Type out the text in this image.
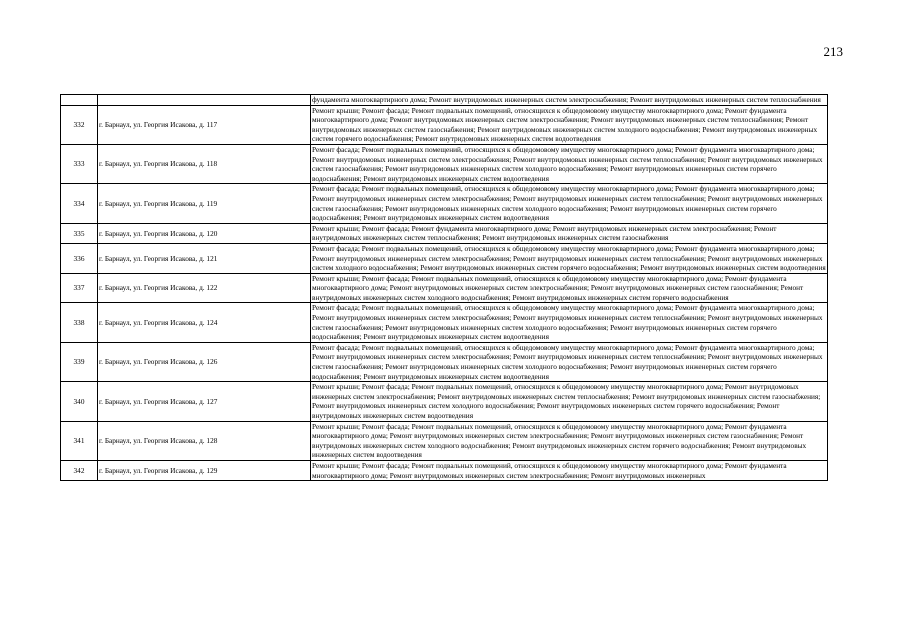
213
		фундамента многоквартирного дома; Ремонт внутридомовых инженерных систем электроснабжения; Ремонт внутридомовых инженерных систем теплоснабжения
332	г. Барнаул, ул. Георгия Исакова, д. 117	Ремонт крыши; Ремонт фасада; Ремонт подвальных помещений, относящихся к общедомовому имуществу многоквартирного дома; Ремонт фундамента многоквартирного дома; Ремонт внутридомовых инженерных систем электроснабжения; Ремонт внутридомовых инженерных систем теплоснабжения; Ремонт внутридомовых инженерных систем газоснабжения; Ремонт внутридомовых инженерных систем холодного водоснабжения; Ремонт внутридомовых инженерных систем горячего водоснабжения; Ремонт внутридомовых инженерных систем водоотведения
333	г. Барнаул, ул. Георгия Исакова, д. 118	Ремонт фасада; Ремонт подвальных помещений, относящихся к общедомовому имуществу многоквартирного дома; Ремонт фундамента многоквартирного дома; Ремонт внутридомовых инженерных систем электроснабжения; Ремонт внутридомовых инженерных систем теплоснабжения; Ремонт внутридомовых инженерных систем газоснабжения; Ремонт внутридомовых инженерных систем холодного водоснабжения; Ремонт внутридомовых инженерных систем горячего водоснабжения; Ремонт внутридомовых инженерных систем водоотведения
334	г. Барнаул, ул. Георгия Исакова, д. 119	Ремонт фасада; Ремонт подвальных помещений, относящихся к общедомовому имуществу многоквартирного дома; Ремонт фундамента многоквартирного дома; Ремонт внутридомовых инженерных систем электроснабжения; Ремонт внутридомовых инженерных систем теплоснабжения; Ремонт внутридомовых инженерных систем газоснабжения; Ремонт внутридомовых инженерных систем холодного водоснабжения; Ремонт внутридомовых инженерных систем горячего водоснабжения; Ремонт внутридомовых инженерных систем водоотведения
335	г. Барнаул, ул. Георгия Исакова, д. 120	Ремонт крыши; Ремонт фасада; Ремонт фундамента многоквартирного дома; Ремонт внутридомовых инженерных систем электроснабжения; Ремонт внутридомовых инженерных систем теплоснабжения; Ремонт внутридомовых инженерных систем газоснабжения
336	г. Барнаул, ул. Георгия Исакова, д. 121	Ремонт фасада; Ремонт подвальных помещений, относящихся к общедомовому имуществу многоквартирного дома; Ремонт фундамента многоквартирного дома; Ремонт внутридомовых инженерных систем электроснабжения; Ремонт внутридомовых инженерных систем теплоснабжения; Ремонт внутридомовых инженерных систем холодного водоснабжения; Ремонт внутридомовых инженерных систем горячего водоснабжения; Ремонт внутридомовых инженерных систем водоотведения
337	г. Барнаул, ул. Георгия Исакова, д. 122	Ремонт крыши; Ремонт фасада; Ремонт подвальных помещений, относящихся к общедомовому имуществу многоквартирного дома; Ремонт фундамента многоквартирного дома; Ремонт внутридомовых инженерных систем электроснабжения; Ремонт внутридомовых инженерных систем газоснабжения; Ремонт внутридомовых инженерных систем холодного водоснабжения; Ремонт внутридомовых инженерных систем горячего водоснабжения
338	г. Барнаул, ул. Георгия Исакова, д. 124	Ремонт фасада; Ремонт подвальных помещений, относящихся к общедомовому имуществу многоквартирного дома; Ремонт фундамента многоквартирного дома; Ремонт внутридомовых инженерных систем электроснабжения; Ремонт внутридомовых инженерных систем теплоснабжения; Ремонт внутридомовых инженерных систем газоснабжения; Ремонт внутридомовых инженерных систем холодного водоснабжения; Ремонт внутридомовых инженерных систем горячего водоснабжения; Ремонт внутридомовых инженерных систем водоотведения
339	г. Барнаул, ул. Георгия Исакова, д. 126	Ремонт фасада; Ремонт подвальных помещений, относящихся к общедомовому имуществу многоквартирного дома; Ремонт фундамента многоквартирного дома; Ремонт внутридомовых инженерных систем электроснабжения; Ремонт внутридомовых инженерных систем теплоснабжения; Ремонт внутридомовых инженерных систем газоснабжения; Ремонт внутридомовых инженерных систем холодного водоснабжения; Ремонт внутридомовых инженерных систем горячего водоснабжения; Ремонт внутридомовых инженерных систем водоотведения
340	г. Барнаул, ул. Георгия Исакова, д. 127	Ремонт крыши; Ремонт фасада; Ремонт подвальных помещений, относящихся к общедомовому имуществу многоквартирного дома; Ремонт внутридомовых инженерных систем электроснабжения; Ремонт внутридомовых инженерных систем теплоснабжения; Ремонт внутридомовых инженерных систем газоснабжения; Ремонт внутридомовых инженерных систем холодного водоснабжения; Ремонт внутридомовых инженерных систем горячего водоснабжения; Ремонт внутридомовых инженерных систем водоотведения
341	г. Барнаул, ул. Георгия Исакова, д. 128	Ремонт крыши; Ремонт фасада; Ремонт подвальных помещений, относящихся к общедомовому имуществу многоквартирного дома; Ремонт фундамента многоквартирного дома; Ремонт внутридомовых инженерных систем электроснабжения; Ремонт внутридомовых инженерных систем газоснабжения; Ремонт внутридомовых инженерных систем холодного водоснабжения; Ремонт внутридомовых инженерных систем горячего водоснабжения; Ремонт внутридомовых инженерных систем водоотведения
342	г. Барнаул, ул. Георгия Исакова, д. 129	Ремонт крыши; Ремонт фасада; Ремонт подвальных помещений, относящихся к общедомовому имуществу многоквартирного дома; Ремонт фундамента многоквартирного дома; Ремонт внутридомовых инженерных систем электроснабжения; Ремонт внутридомовых инженерных
